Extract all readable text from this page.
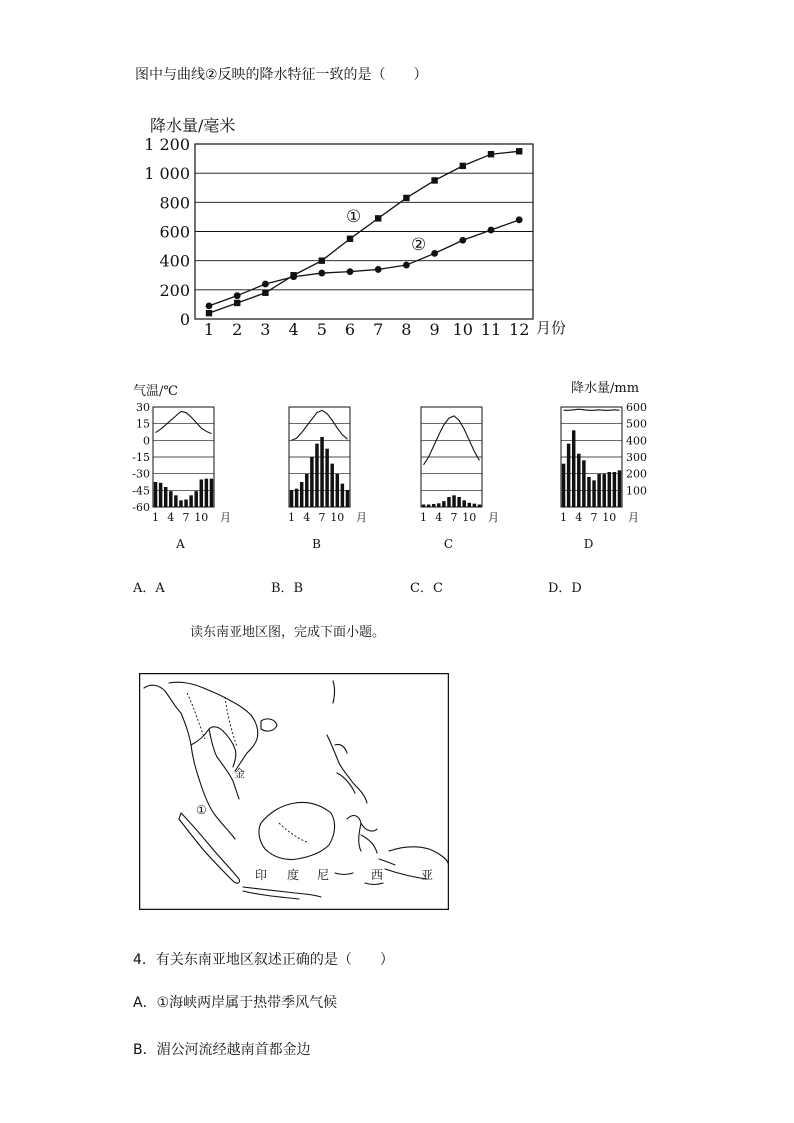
图中与曲线②反映的降水特征一致的是（　　）
降水量/毫米
0
200
400
600
800
1 000
1 200
1 2 3 4 5 6 7 8 9 10 11 12 月份
①
②
气温/℃	降水量/mm
30
15
0
-15
-30
-45
-60
600
500
400
300
200
100
1 4 7 10 月
A
1 4 7 10 月
B
1 4 7 10 月
C
1 4 7 10 月
D
A．A	B．B	C．C	D．D
读东南亚地区图，完成下面小题。
①
金
印 度 尼	西	亚
4．有关东南亚地区叙述正确的是（　　）
A．①海峡两岸属于热带季风气候
B．湄公河流经越南首都金边
